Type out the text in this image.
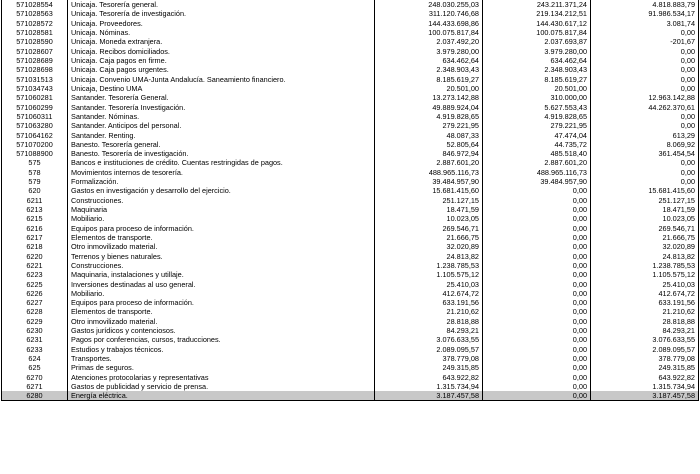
571028554	Unicaja. Tesorería general.	248.030.255,03	243.211.371,24	4.818.883,79
571028563	Unicaja. Tesorería de investigación.	311.120.746,68	219.134.212,51	91.986.534,17
571028572	Unicaja. Proveedores.	144.433.698,86	144.430.617,12	3.081,74
571028581	Unicaja. Nóminas.	100.075.817,84	100.075.817,84	0,00
571028590	Unicaja. Moneda extranjera.	2.037.492,20	2.037.693,87	-201,67
571028607	Unicaja. Recibos domiciliados.	3.979.280,00	3.979.280,00	0,00
571028689	Unicaja. Caja pagos en firme.	634.462,64	634.462,64	0,00
571028698	Unicaja. Caja pagos urgentes.	2.348.903,43	2.348.903,43	0,00
571031513	Unicaja. Convenio UMA-Junta Andalucía. Saneamiento financiero.	8.185.619,27	8.185.619,27	0,00
571034743	Unicaja, Destino UMA	20.501,00	20.501,00	0,00
571060281	Santander. Tesorería General.	13.273.142,88	310.000,00	12.963.142,88
571060299	Santander. Tesorería Investigación.	49.889.924,04	5.627.553,43	44.262.370,61
571060311	Santander. Nóminas.	4.919.828,65	4.919.828,65	0,00
571063280	Santander. Anticipos del personal.	279.221,95	279.221,95	0,00
571064162	Santander. Renting.	48.087,33	47.474,04	613,29
571070200	Banesto. Tesorería general.	52.805,64	44.735,72	8.069,92
571088900	Banesto. Tesorería de investigación.	846.972,94	485.518,40	361.454,54
575	Bancos e instituciones de crédito. Cuentas restringidas de pagos.	2.887.601,20	2.887.601,20	0,00
578	Movimientos internos de tesorería.	488.965.116,73	488.965.116,73	0,00
579	Formalización.	39.484.957,90	39.484.957,90	0,00
620	Gastos en investigación y desarrollo del ejercicio.	15.681.415,60	0,00	15.681.415,60
6211	Construcciones.	251.127,15	0,00	251.127,15
6213	Maquinaria	18.471,59	0,00	18.471,59
6215	Mobiliario.	10.023,05	0,00	10.023,05
6216	Equipos para proceso de información.	269.546,71	0,00	269.546,71
6217	Elementos de transporte.	21.666,75	0,00	21.666,75
6218	Otro inmovilizado material.	32.020,89	0,00	32.020,89
6220	Terrenos y bienes naturales.	24.813,82	0,00	24.813,82
6221	Construcciones.	1.238.785,53	0,00	1.238.785,53
6223	Maquinaria, instalaciones y utillaje.	1.105.575,12	0,00	1.105.575,12
6225	Inversiones destinadas al uso general.	25.410,03	0,00	25.410,03
6226	Mobiliario.	412.674,72	0,00	412.674,72
6227	Equipos para proceso de información.	633.191,56	0,00	633.191,56
6228	Elementos de transporte.	21.210,62	0,00	21.210,62
6229	Otro inmovilizado material.	28.818,88	0,00	28.818,88
6230	Gastos jurídicos y contenciosos.	84.293,21	0,00	84.293,21
6231	Pagos por conferencias, cursos, traducciones.	3.076.633,55	0,00	3.076.633,55
6233	Estudios y trabajos técnicos.	2.089.095,57	0,00	2.089.095,57
624	Transportes.	378.779,08	0,00	378.779,08
625	Primas de seguros.	249.315,85	0,00	249.315,85
6270	Atenciones protocolarias y representativas	643.922,82	0,00	643.922,82
6271	Gastos de publicidad y servicio de prensa.	1.315.734,94	0,00	1.315.734,94
6280	Energía eléctrica.	3.187.457,58	0,00	3.187.457,58
